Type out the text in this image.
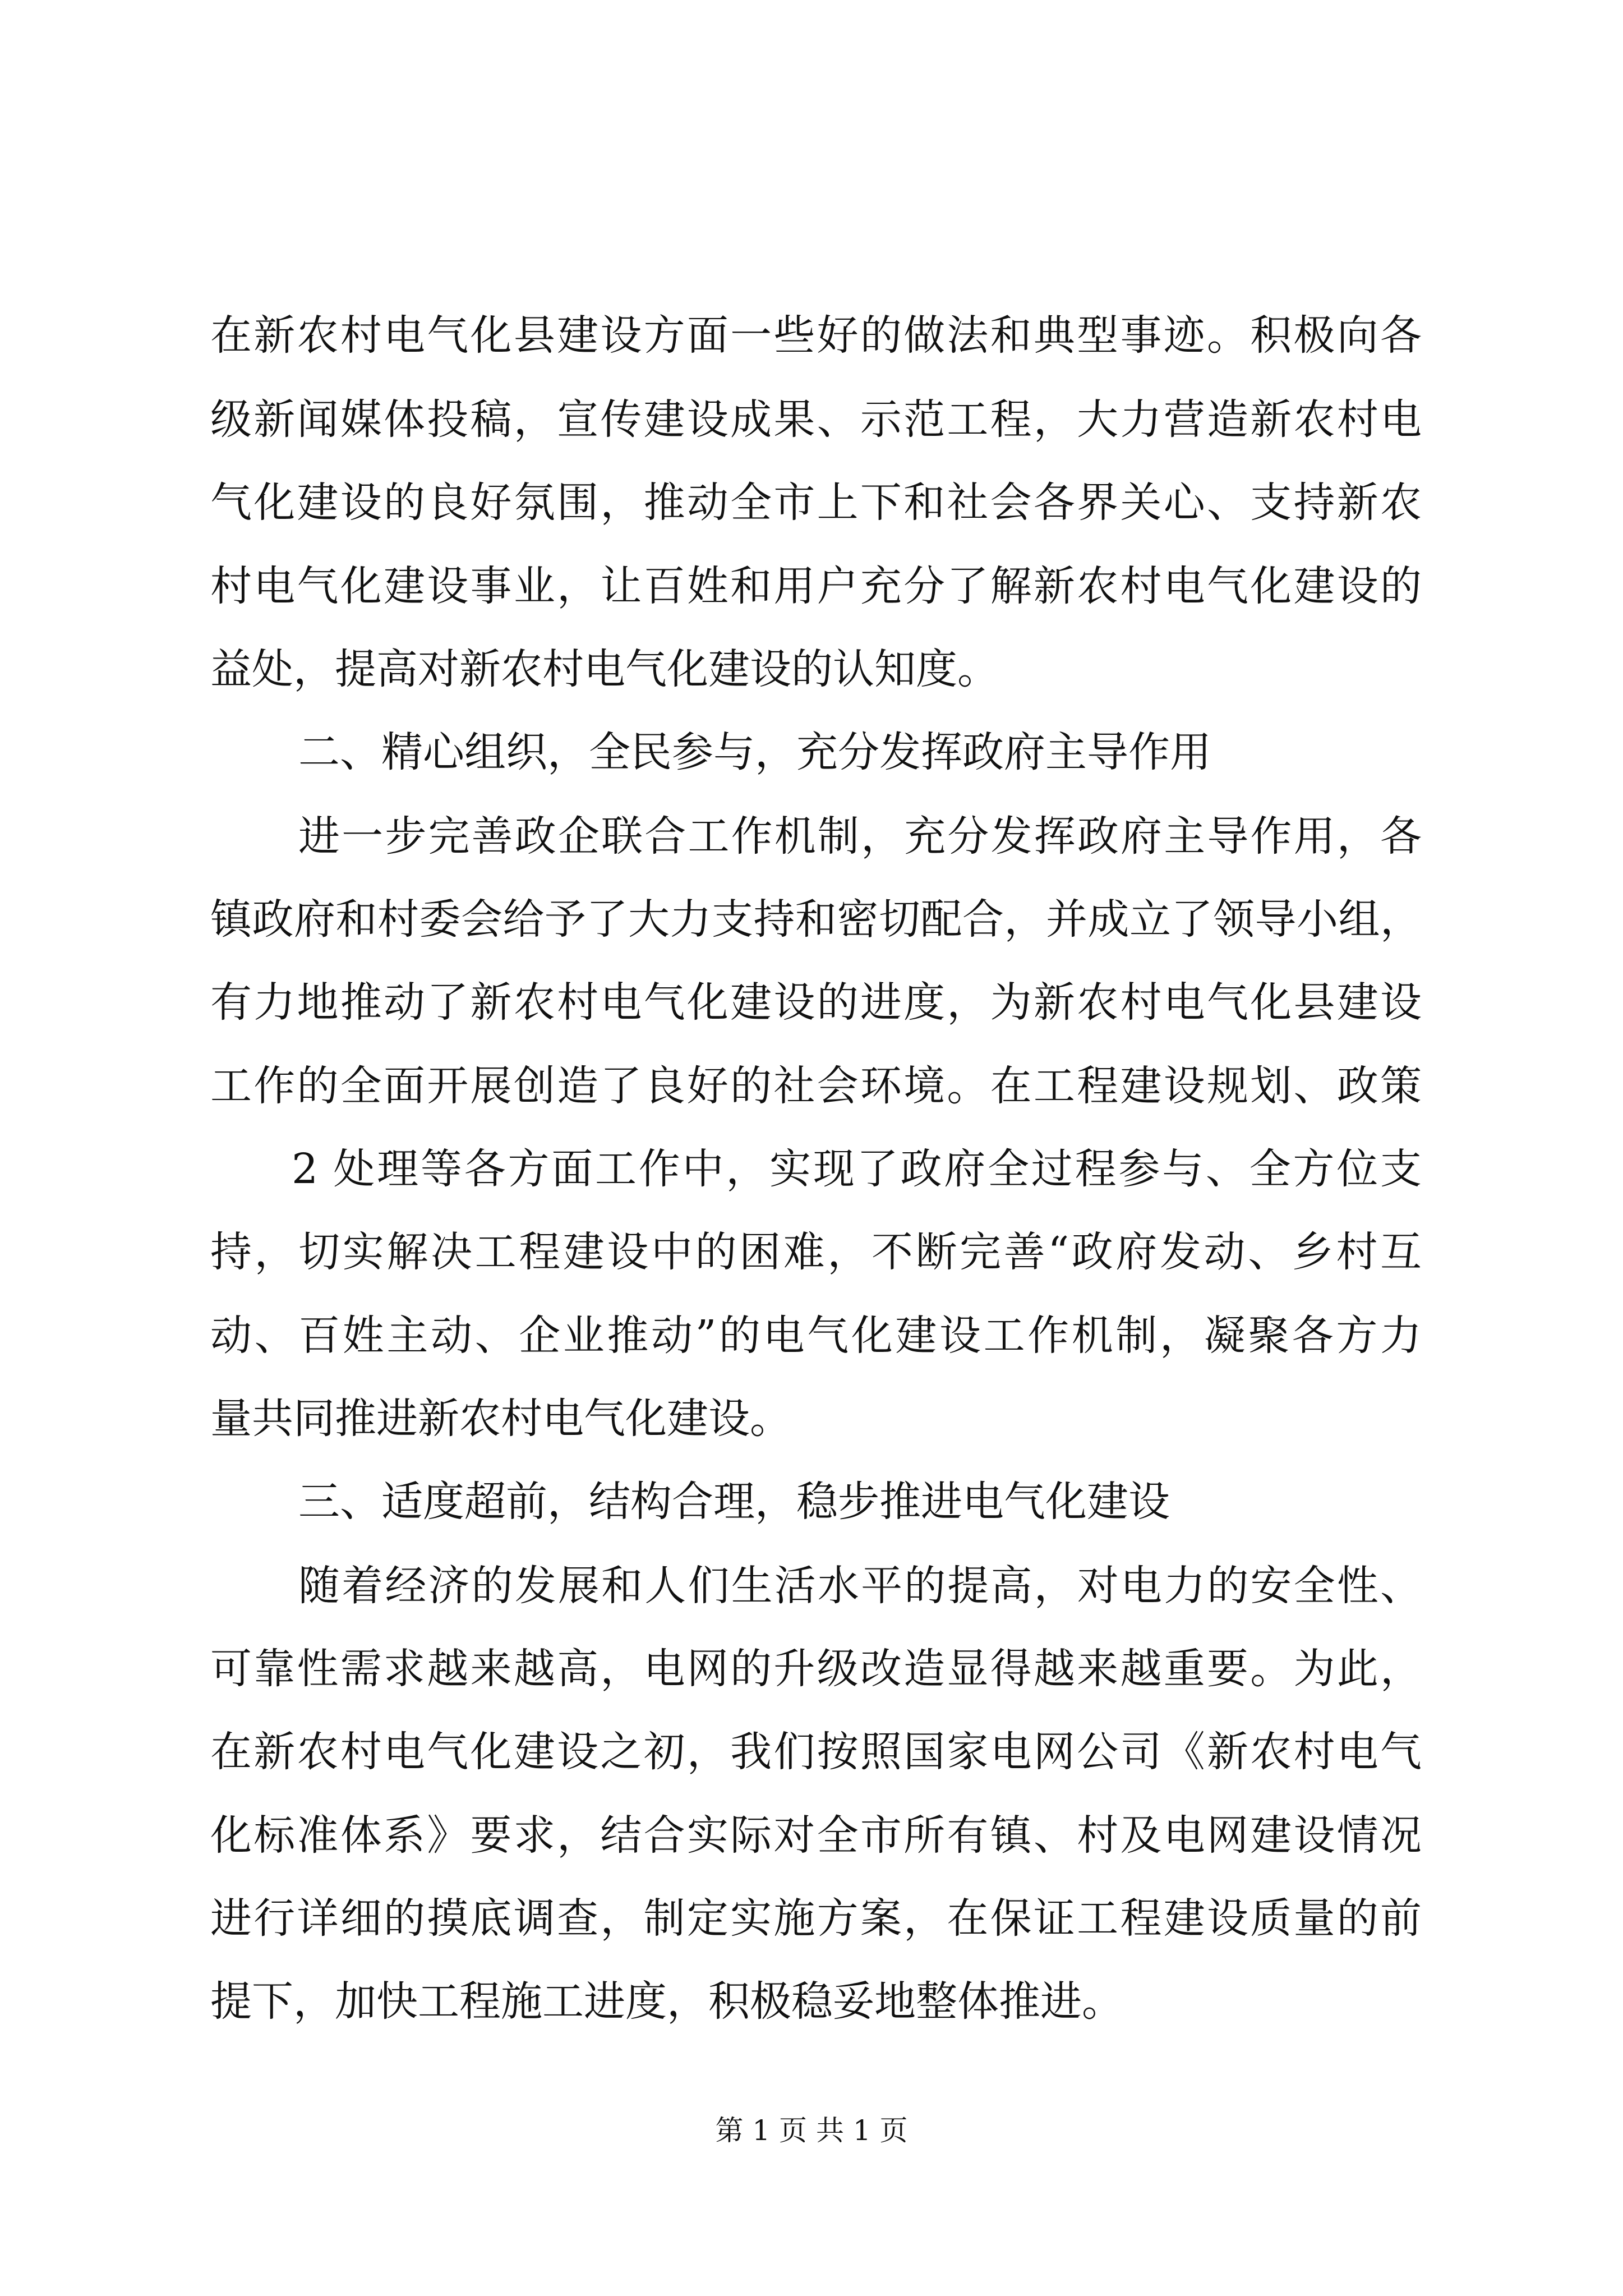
在新农村电气化县建设方面一些好的做法和典型事迹。积极向各
级新闻媒体投稿，宣传建设成果、示范工程，大力营造新农村电
气化建设的良好氛围，推动全市上下和社会各界关心、支持新农
村电气化建设事业，让百姓和用户充分了解新农村电气化建设的
益处，提高对新农村电气化建设的认知度。
二、精心组织，全民参与，充分发挥政府主导作用
进一步完善政企联合工作机制，充分发挥政府主导作用，各
镇政府和村委会给予了大力支持和密切配合，并成立了领导小组，
有力地推动了新农村电气化建设的进度，为新农村电气化县建设
工作的全面开展创造了良好的社会环境。在工程建设规划、政策
2 处理等各方面工作中，实现了政府全过程参与、全方位支
持，切实解决工程建设中的困难，不断完善“政府发动、乡村互
动、百姓主动、企业推动”的电气化建设工作机制，凝聚各方力
量共同推进新农村电气化建设。
三、适度超前，结构合理，稳步推进电气化建设
随着经济的发展和人们生活水平的提高，对电力的安全性、
可靠性需求越来越高，电网的升级改造显得越来越重要。为此，
在新农村电气化建设之初，我们按照国家电网公司《新农村电气
化标准体系》要求，结合实际对全市所有镇、村及电网建设情况
进行详细的摸底调查，制定实施方案，在保证工程建设质量的前
提下，加快工程施工进度，积极稳妥地整体推进。
第 1 页 共 1 页
